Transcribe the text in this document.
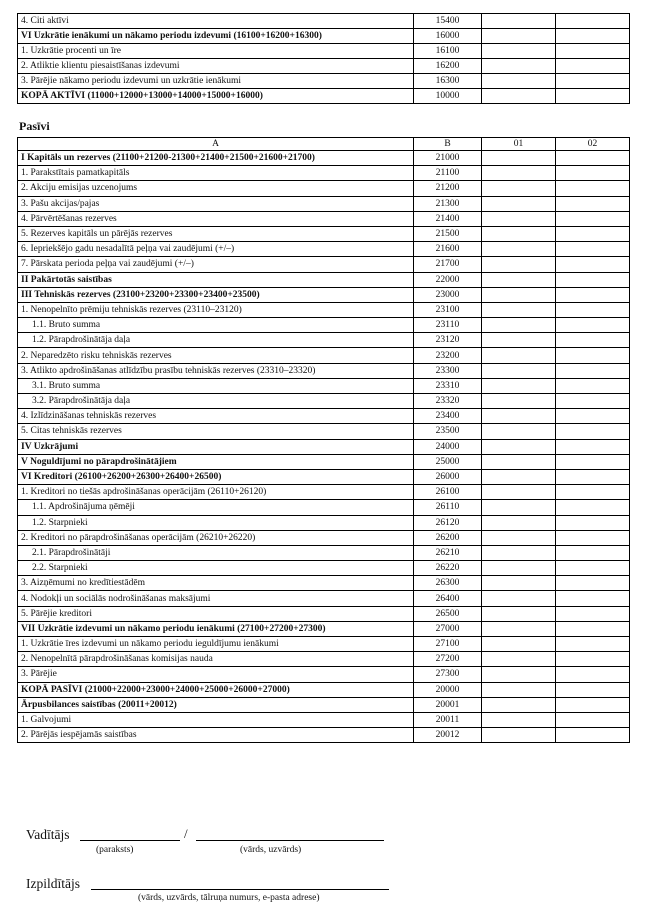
4. Citi aktīvi	15400		
VI Uzkrātie ienākumi un nākamo periodu izdevumi (16100+16200+16300)	16000		
1. Uzkrātie procenti un īre	16100		
2. Atliktie klientu piesaistīšanas izdevumi	16200		
3. Pārējie nākamo periodu izdevumi un uzkrātie ienākumi	16300		
KOPĀ AKTĪVI (11000+12000+13000+14000+15000+16000)	10000		
Pasīvi
A	B	01	02
I Kapitāls un rezerves (21100+21200-21300+21400+21500+21600+21700)	21000		
1. Parakstītais pamatkapitāls	21100		
2. Akciju emisijas uzcenojums	21200		
3. Pašu akcijas/pajas	21300		
4. Pārvērtēšanas rezerves	21400		
5. Rezerves kapitāls un pārējās rezerves	21500		
6. Iepriekšējo gadu nesadalītā peļņa vai zaudējumi (+/–)	21600		
7. Pārskata perioda peļņa vai zaudējumi (+/–)	21700		
II Pakārtotās saistības	22000		
III Tehniskās rezerves (23100+23200+23300+23400+23500)	23000		
1. Nenopelnīto prēmiju tehniskās rezerves (23110–23120)	23100		
1.1. Bruto summa	23110		
1.2. Pārapdrošinātāja daļa	23120		
2. Neparedzēto risku tehniskās rezerves	23200		
3. Atlikto apdrošināšanas atlīdzību prasību tehniskās rezerves (23310–23320)	23300		
3.1. Bruto summa	23310		
3.2. Pārapdrošinātāja daļa	23320		
4. Izlīdzināšanas tehniskās rezerves	23400		
5. Citas tehniskās rezerves	23500		
IV Uzkrājumi	24000		
V Noguldījumi no pārapdrošinātājiem	25000		
VI Kreditori (26100+26200+26300+26400+26500)	26000		
1. Kreditori no tiešās apdrošināšanas operācijām (26110+26120)	26100		
1.1. Apdrošinājuma ņēmēji	26110		
1.2. Starpnieki	26120		
2. Kreditori no pārapdrošināšanas operācijām (26210+26220)	26200		
2.1. Pārapdrošinātāji	26210		
2.2. Starpnieki	26220		
3. Aizņēmumi no kredītiestādēm	26300		
4. Nodokļi un sociālās nodrošināšanas maksājumi	26400		
5. Pārējie kreditori	26500		
VII Uzkrātie izdevumi un nākamo periodu ienākumi (27100+27200+27300)	27000		
1. Uzkrātie īres izdevumi un nākamo periodu ieguldījumu ienākumi	27100		
2. Nenopelnītā pārapdrošināšanas komisijas nauda	27200		
3. Pārējie	27300		
KOPĀ PASĪVI (21000+22000+23000+24000+25000+26000+27000)	20000		
Ārpusbilances saistības (20011+20012)	20001		
1. Galvojumi	20011		
2. Pārējās iespējamās saistības	20012		
Vadītājs	/
(paraksts)	(vārds, uzvārds)
Izpildītājs
(vārds, uzvārds, tālruņa numurs, e-pasta adrese)
